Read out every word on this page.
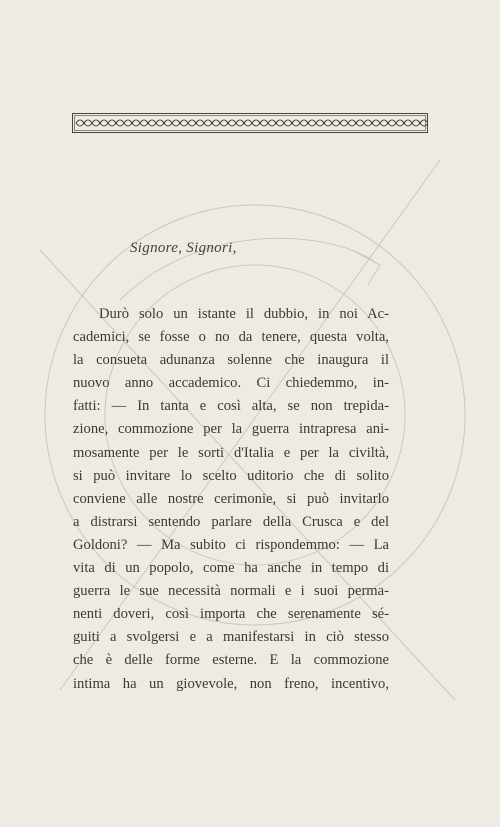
Signore, Signori,
Durò solo un istante il dubbio, in noi Ac-
cademici, se fosse o no da tenere, questa volta,
la consueta adunanza solenne che inaugura il
nuovo anno accademico. Ci chiedemmo, in-
fatti: — In tanta e così alta, se non trepida-
zione, commozione per la guerra intrapresa ani-
mosamente per le sorti d'Italia e per la civiltà,
si può invitare lo scelto uditorio che di solito
conviene alle nostre cerimonie, si può invitarlo
a distrarsi sentendo parlare della Crusca e del
Goldoni? — Ma subito ci rispondemmo: — La
vita di un popolo, come ha anche in tempo di
guerra le sue necessità normali e i suoi perma-
nenti doveri, così importa che serenamente sé-
guiti a svolgersi e a manifestarsi in ciò stesso
che è delle forme esterne. E la commozione
intima ha un giovevole, non freno, incentivo,
